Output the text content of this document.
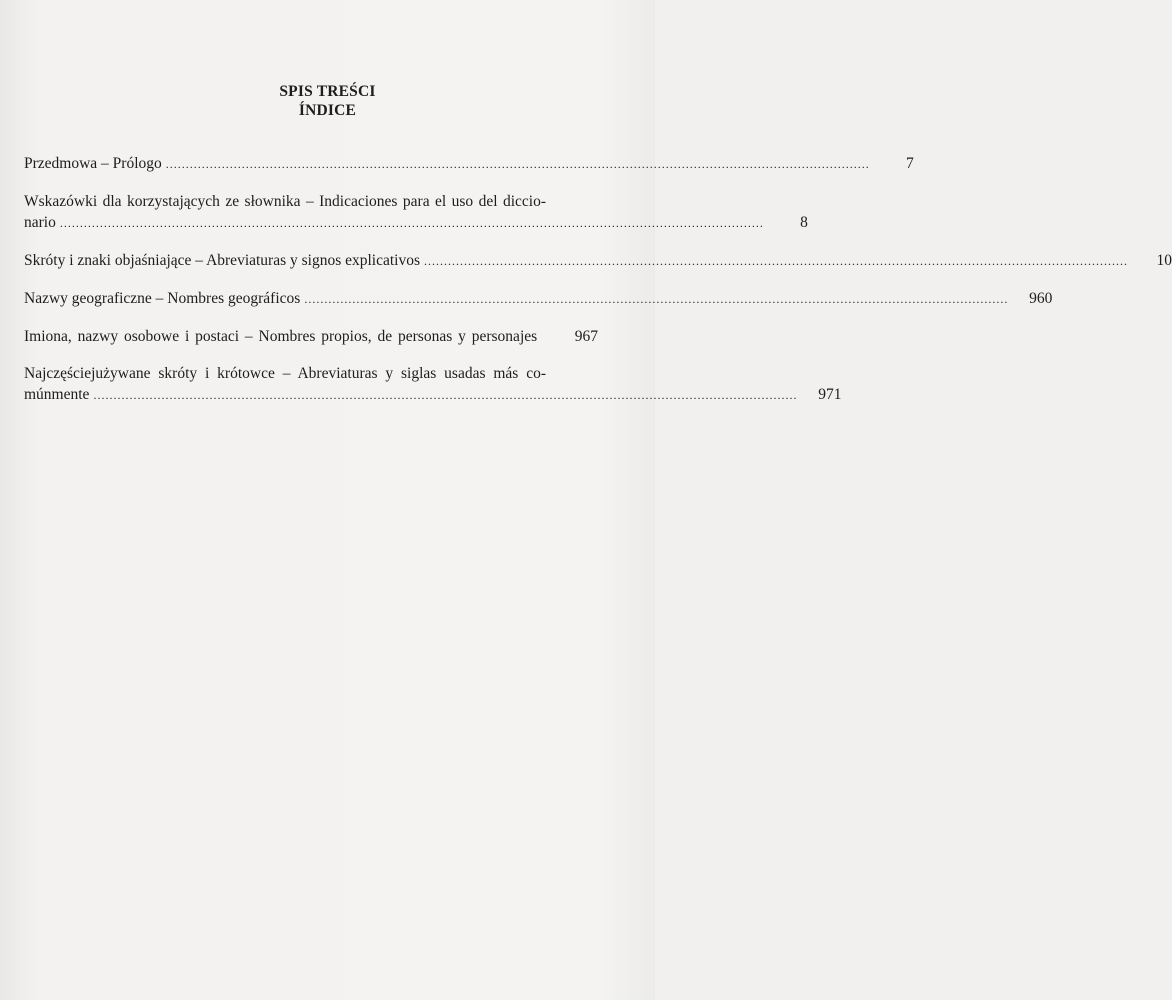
SPIS TREŚCI
ÍNDICE
Przedmowa – Prólogo ................................................................................................................................................................................	7
Wskazówki dla korzystających ze słownika – Indicaciones para el uso del diccio-
nario ................................................................................................................................................................................	8
Skróty i znaki objaśniające – Abreviaturas y signos explicativos ................................................................................................................................................................................	10
Nazwy geograficzne – Nombres geográficos ................................................................................................................................................................................	960
Imiona, nazwy osobowe i postaci – Nombres propios, de personas y personajes	967
Najczęściejużywane skróty i krótowce – Abreviaturas y siglas usadas más co-
múnmente ................................................................................................................................................................................	971
